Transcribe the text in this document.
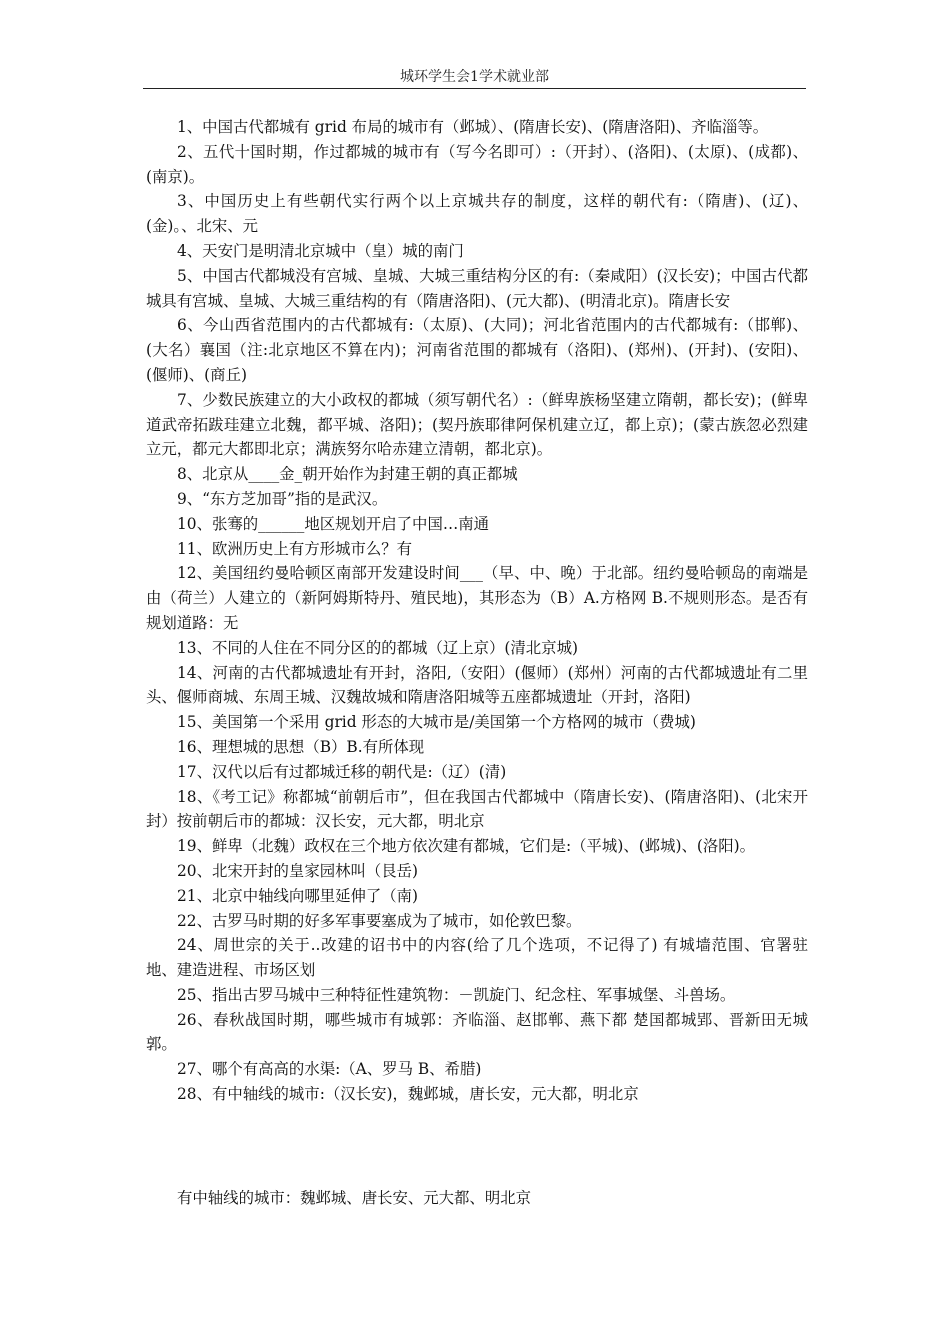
城环学生会1学术就业部

1、中国古代都城有 grid 布局的城市有（邺城）、(隋唐长安)、(隋唐洛阳)、齐临淄等。

2、五代十国时期，作过都城的城市有（写今名即可）:（开封）、(洛阳)、(太原)、(成都)、(南京)。

3、中国历史上有些朝代实行两个以上京城共存的制度，这样的朝代有:（隋唐)、(辽)、(金)。、北宋、元

4、天安门是明清北京城中（皇）城的南门

5、中国古代都城没有宫城、皇城、大城三重结构分区的有:（秦咸阳）(汉长安)；中国古代都城具有宫城、皇城、大城三重结构的有（隋唐洛阳)、(元大都)、(明清北京)。隋唐长安

6、今山西省范围内的古代都城有:（太原)、(大同)；河北省范围内的古代都城有:（邯郸)、(大名）襄国（注:北京地区不算在内)；河南省范围的都城有（洛阳)、(郑州)、(开封)、(安阳)、(偃师)、(商丘)

7、少数民族建立的大小政权的都城（须写朝代名）:（鲜卑族杨坚建立隋朝，都长安)；(鲜卑道武帝拓跋珪建立北魏，都平城、洛阳)；(契丹族耶律阿保机建立辽，都上京)；(蒙古族忽必烈建立元，都元大都即北京；满族努尔哈赤建立清朝，都北京)。

8、北京从____金_朝开始作为封建王朝的真正都城

9、“东方芝加哥”指的是武汉。

10、张骞的______地区规划开启了中国…南通

11、欧洲历史上有方形城市么？有

12、美国纽约曼哈顿区南部开发建设时间___（早、中、晚）于北部。纽约曼哈顿岛的南端是由（荷兰）人建立的（新阿姆斯特丹、殖民地)，其形态为（B）A.方格网 B.不规则形态。是否有规划道路：无

13、不同的人住在不同分区的的都城（辽上京）(清北京城)

14、河南的古代都城遗址有开封，洛阳,（安阳）(偃师）(郑州）河南的古代都城遗址有二里头、偃师商城、东周王城、汉魏故城和隋唐洛阳城等五座都城遗址（开封，洛阳)

15、美国第一个采用 grid 形态的大城市是/美国第一个方格网的城市（费城)

16、理想城的思想（B）B.有所体现

17、汉代以后有过都城迁移的朝代是:（辽）(清)

18、《考工记》称都城“前朝后市”，但在我国古代都城中（隋唐长安)、(隋唐洛阳)、(北宋开封）按前朝后市的都城：汉长安，元大都，明北京

19、鲜卑（北魏）政权在三个地方依次建有都城，它们是:（平城)、(邺城)、(洛阳)。

20、北宋开封的皇家园林叫（艮岳)

21、北京中轴线向哪里延伸了（南)

22、古罗马时期的好多军事要塞成为了城市，如伦敦巴黎。

24、周世宗的关于..改建的诏书中的内容(给了几个选项，不记得了) 有城墙范围、官署驻地、建造进程、市场区划

25、指出古罗马城中三种特征性建筑物：－凯旋门、纪念柱、军事城堡、斗兽场。

26、春秋战国时期，哪些城市有城郭：齐临淄、赵邯郸、燕下都 楚国都城郢、晋新田无城郭。

27、哪个有高高的水渠:（A、罗马 B、希腊)

28、有中轴线的城市:（汉长安)，魏邺城，唐长安，元大都，明北京

有中轴线的城市：魏邺城、唐长安、元大都、明北京
